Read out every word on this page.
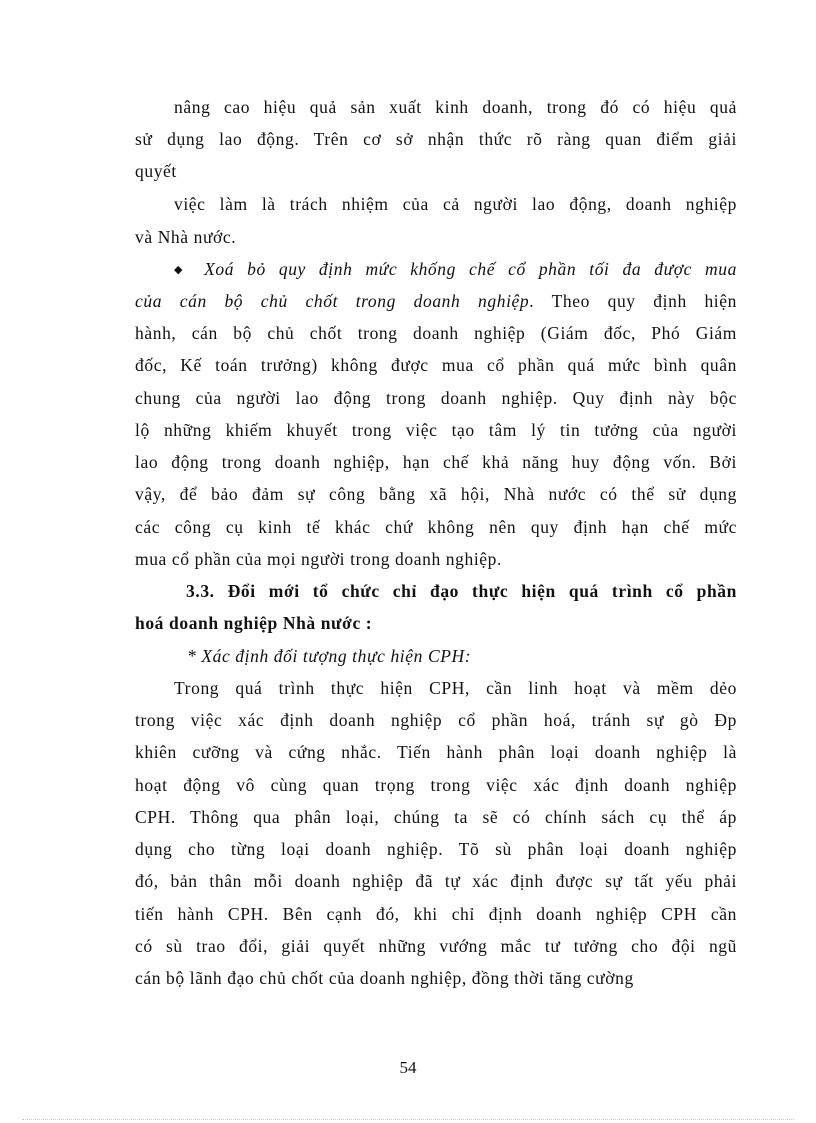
nâng cao hiệu quả sản xuất kinh doanh, trong đó có hiệu quả
sử dụng lao động. Trên cơ sở nhận thức rõ ràng quan điểm giải
quyết
việc làm là trách nhiệm của cả người lao động, doanh nghiệp
và Nhà nước.
◆ Xoá bỏ quy định mức khống chế cổ phần tối đa được mua
của cán bộ chủ chốt trong doanh nghiệp. Theo quy định hiện
hành, cán bộ chủ chốt trong doanh nghiệp (Giám đốc, Phó Giám
đốc, Kế toán trưởng) không được mua cổ phần quá mức bình quân
chung của người lao động trong doanh nghiệp. Quy định này bộc
lộ những khiếm khuyết trong việc tạo tâm lý tin tưởng của người
lao động trong doanh nghiệp, hạn chế khả năng huy động vốn. Bởi
vậy, để bảo đảm sự công bằng xã hội, Nhà nước có thể sử dụng
các công cụ kinh tế khác chứ không nên quy định hạn chế mức
mua cổ phần của mọi người trong doanh nghiệp.
3.3. Đổi mới tổ chức chỉ đạo thực hiện quá trình cổ phần
hoá doanh nghiệp Nhà nước :
* Xác định đối tượng thực hiện CPH:
Trong quá trình thực hiện CPH, cần linh hoạt và mềm dẻo
trong việc xác định doanh nghiệp cổ phần hoá, tránh sự gò Đp
khiên cưỡng và cứng nhắc. Tiến hành phân loại doanh nghiệp là
hoạt động vô cùng quan trọng trong việc xác định doanh nghiệp
CPH. Thông qua phân loại, chúng ta sẽ có chính sách cụ thể áp
dụng cho từng loại doanh nghiệp. Tõ sù phân loại doanh nghiệp
đó, bản thân mỗi doanh nghiệp đã tự xác định được sự tất yếu phải
tiến hành CPH. Bên cạnh đó, khi chỉ định doanh nghiệp CPH cần
có sù trao đổi, giải quyết những vướng mắc tư tưởng cho đội ngũ
cán bộ lãnh đạo chủ chốt của doanh nghiệp, đồng thời tăng cường
54
